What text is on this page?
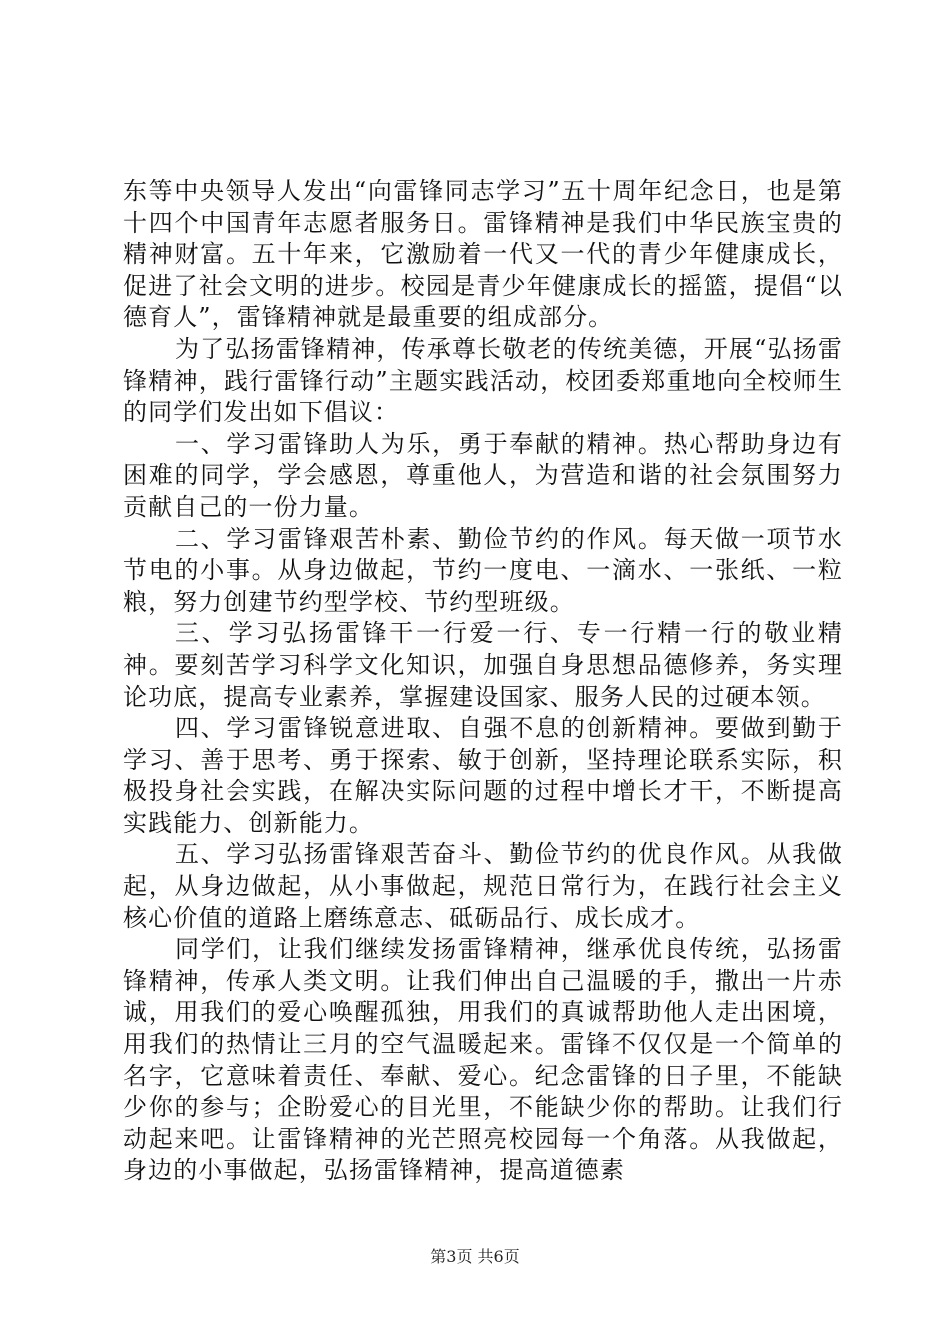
东等中央领导人发出“向雷锋同志学习”五十周年纪念日，也是第十四个中国青年志愿者服务日。雷锋精神是我们中华民族宝贵的精神财富。五十年来，它激励着一代又一代的青少年健康成长，促进了社会文明的进步。校园是青少年健康成长的摇篮，提倡“以德育人”，雷锋精神就是最重要的组成部分。

为了弘扬雷锋精神，传承尊长敬老的传统美德，开展“弘扬雷锋精神，践行雷锋行动”主题实践活动，校团委郑重地向全校师生的同学们发出如下倡议：

一、学习雷锋助人为乐，勇于奉献的精神。热心帮助身边有困难的同学，学会感恩，尊重他人，为营造和谐的社会氛围努力贡献自己的一份力量。

二、学习雷锋艰苦朴素、勤俭节约的作风。每天做一项节水节电的小事。从身边做起，节约一度电、一滴水、一张纸、一粒粮，努力创建节约型学校、节约型班级。

三、学习弘扬雷锋干一行爱一行、专一行精一行的敬业精神。要刻苦学习科学文化知识，加强自身思想品德修养，务实理论功底，提高专业素养，掌握建设国家、服务人民的过硬本领。

四、学习雷锋锐意进取、自强不息的创新精神。要做到勤于学习、善于思考、勇于探索、敏于创新，坚持理论联系实际，积极投身社会实践，在解决实际问题的过程中增长才干，不断提高实践能力、创新能力。

五、学习弘扬雷锋艰苦奋斗、勤俭节约的优良作风。从我做起，从身边做起，从小事做起，规范日常行为，在践行社会主义核心价值的道路上磨练意志、砥砺品行、成长成才。

同学们，让我们继续发扬雷锋精神，继承优良传统，弘扬雷锋精神，传承人类文明。让我们伸出自己温暖的手，撒出一片赤诚，用我们的爱心唤醒孤独，用我们的真诚帮助他人走出困境，用我们的热情让三月的空气温暖起来。雷锋不仅仅是一个简单的名字，它意味着责任、奉献、爱心。纪念雷锋的日子里，不能缺少你的参与；企盼爱心的目光里，不能缺少你的帮助。让我们行动起来吧。让雷锋精神的光芒照亮校园每一个角落。从我做起，身边的小事做起，弘扬雷锋精神，提高道德素

第3页 共6页
